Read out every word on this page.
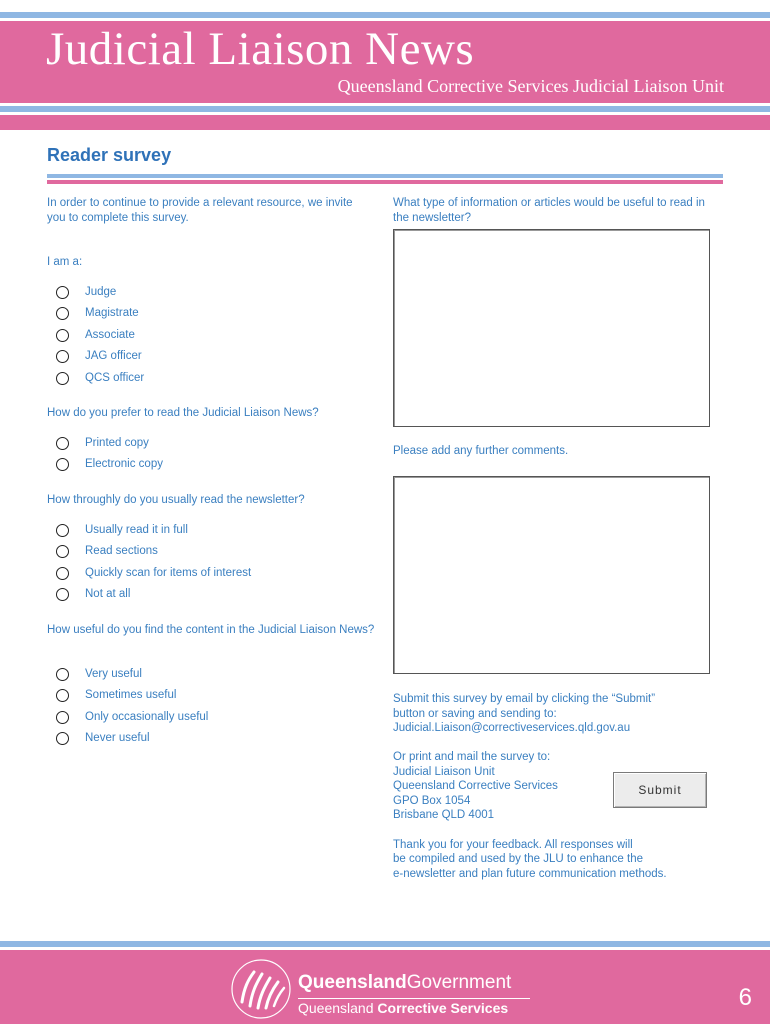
Judicial Liaison News
Queensland Corrective Services Judicial Liaison Unit
Reader survey
In order to continue to provide a relevant resource, we invite you to complete this survey.
I am a:
Judge
Magistrate
Associate
JAG officer
QCS officer
How do you prefer to read the Judicial Liaison News?
Printed copy
Electronic copy
How throughly do you usually read the newsletter?
Usually read it in full
Read sections
Quickly scan for items of interest
Not at all
How useful do you find the content in the Judicial Liaison News?
Very useful
Sometimes useful
Only occasionally useful
Never useful
What type of information or articles would be useful to read in the newsletter?
Please add any further comments.
Submit this survey by email by clicking the “Submit”
button or saving and sending to:
Judicial.Liaison@correctiveservices.qld.gov.au
Or print and mail the survey to:
Judicial Liaison Unit
Queensland Corrective Services
GPO Box 1054
Brisbane QLD 4001
Submit
Thank you for your feedback. All responses will
be compiled and used by the JLU to enhance the
e-newsletter and plan future communication methods.
QueenslandGovernment
Queensland Corrective Services	6
